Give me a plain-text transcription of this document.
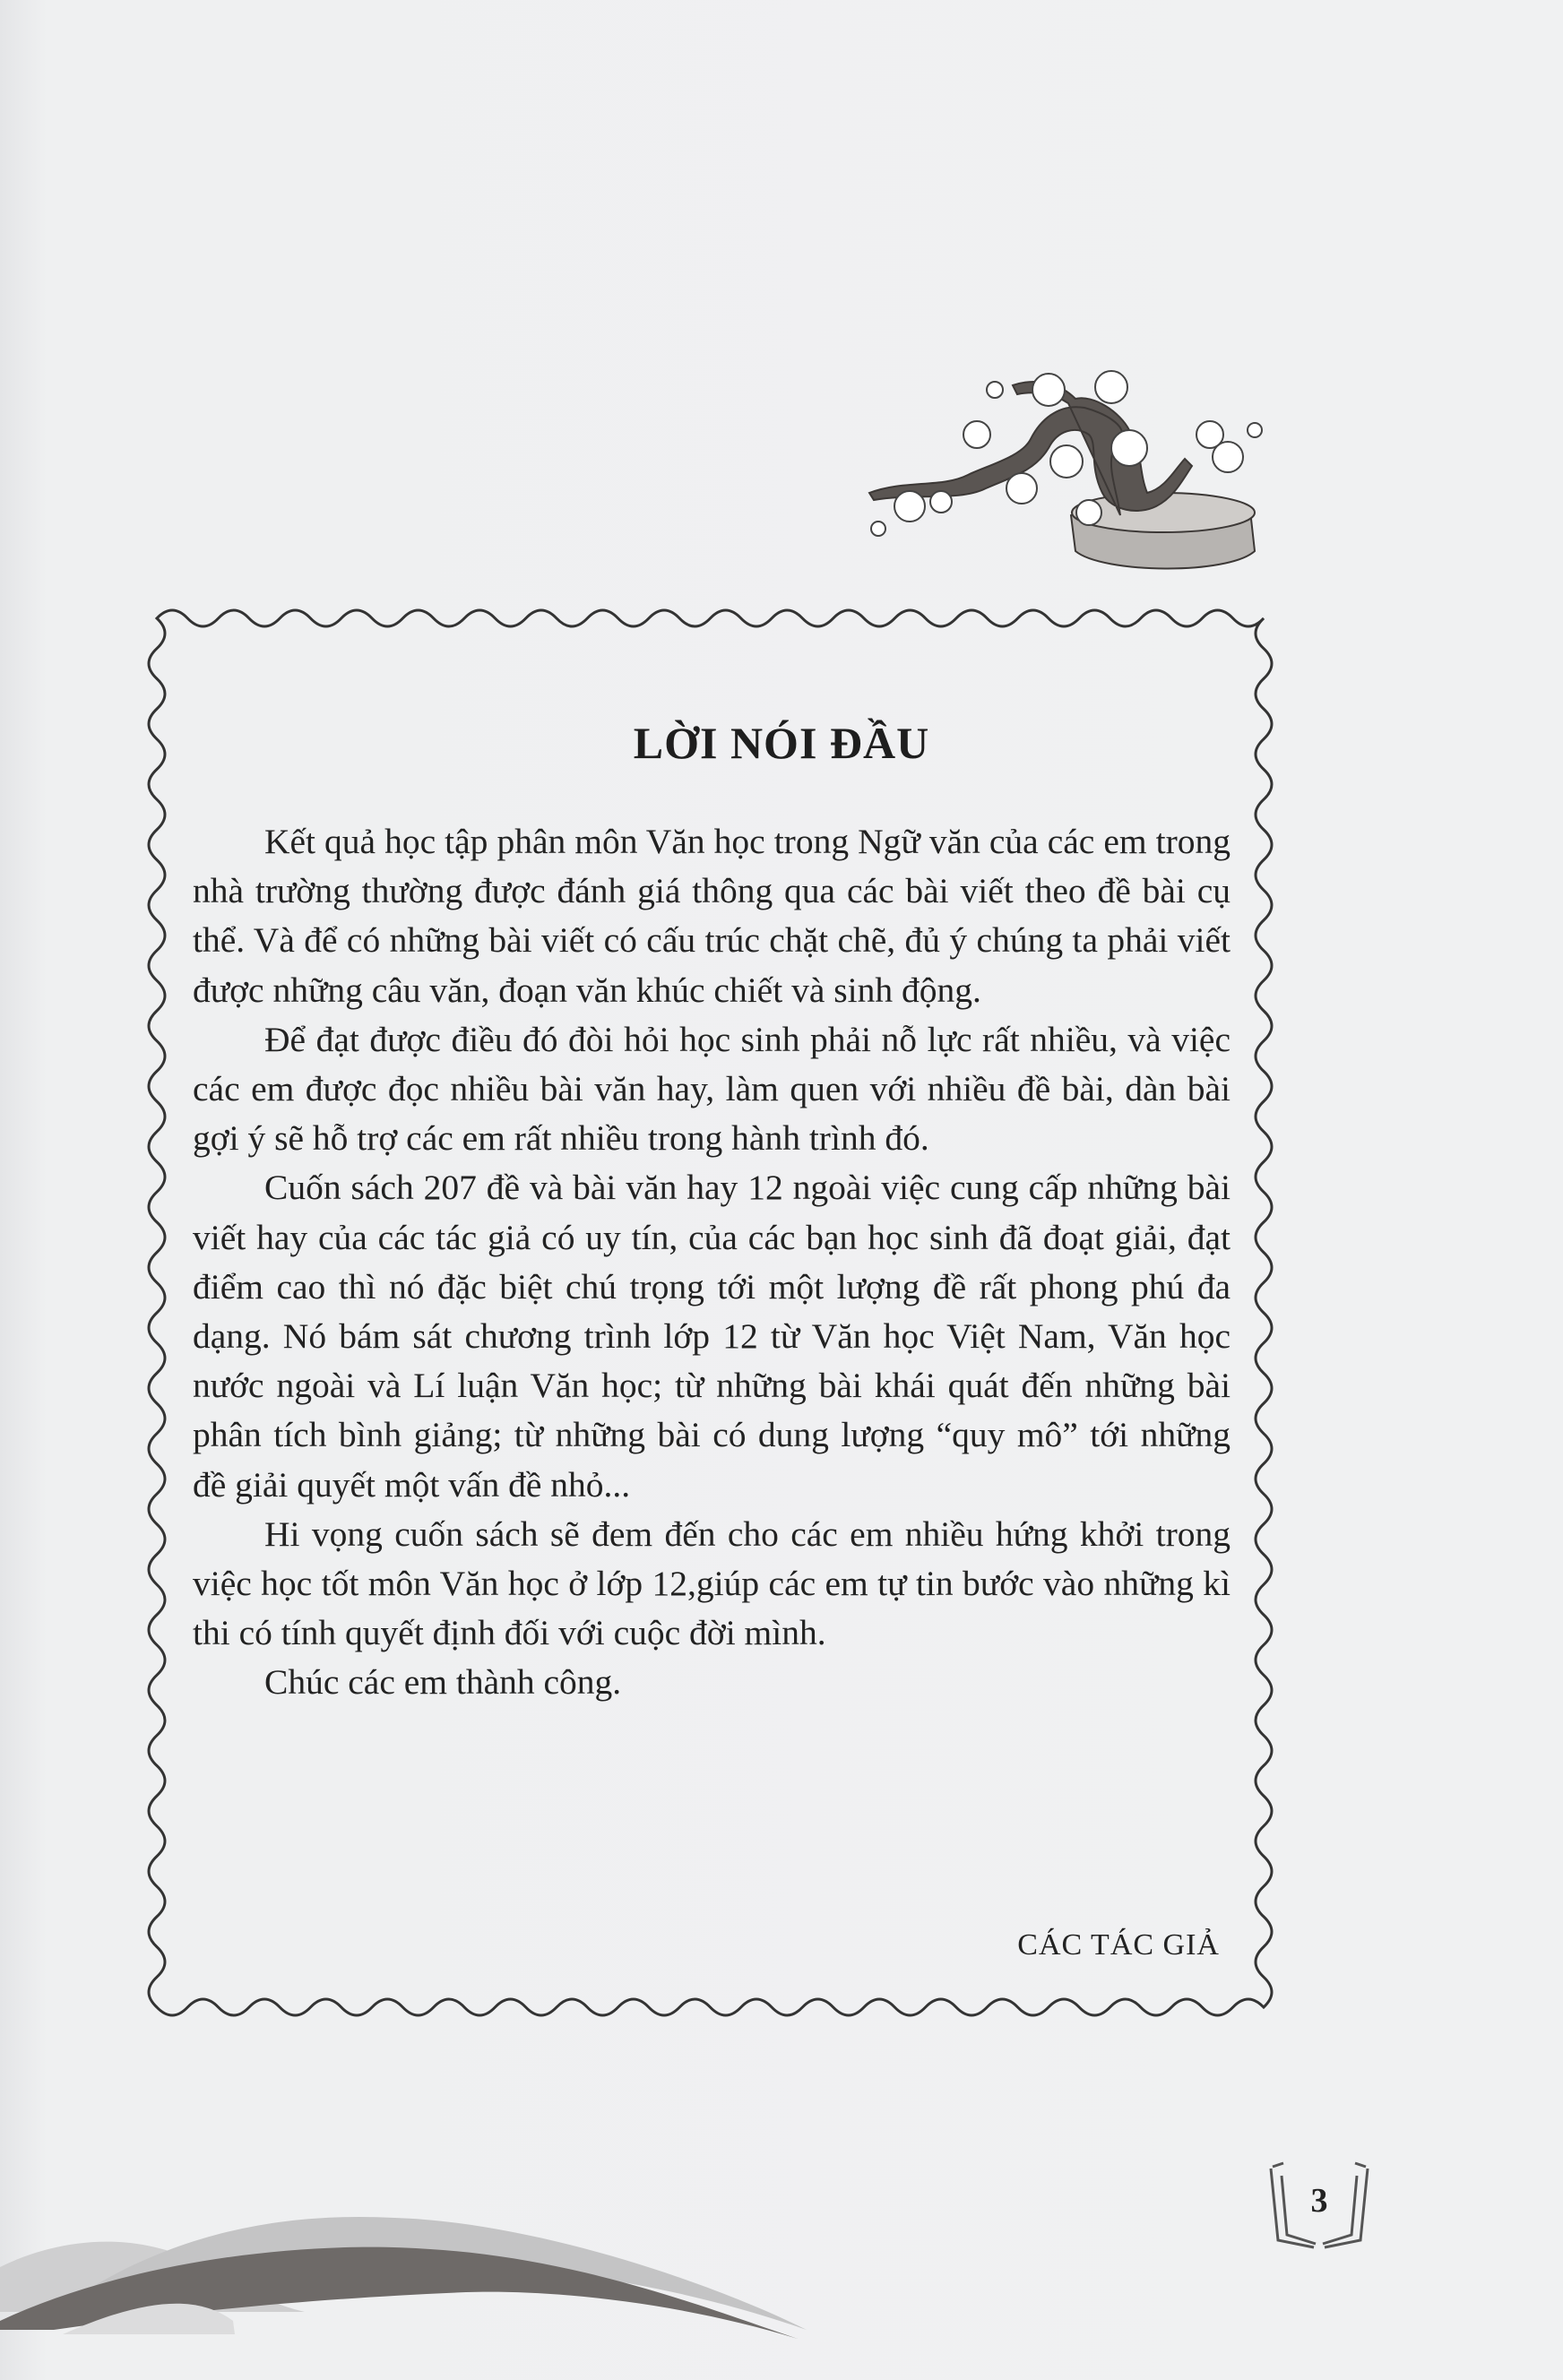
LỜI NÓI ĐẦU

Kết quả học tập phân môn Văn học trong Ngữ văn của các em trong nhà trường thường được đánh giá thông qua các bài viết theo đề bài cụ thể. Và để có những bài viết có cấu trúc chặt chẽ, đủ ý chúng ta phải viết được những câu văn, đoạn văn khúc chiết và sinh động.

Để đạt được điều đó đòi hỏi học sinh phải nỗ lực rất nhiều, và việc các em được đọc nhiều bài văn hay, làm quen với nhiều đề bài, dàn bài gợi ý sẽ hỗ trợ các em rất nhiều trong hành trình đó.

Cuốn sách 207 đề và bài văn hay 12 ngoài việc cung cấp những bài viết hay của các tác giả có uy tín, của các bạn học sinh đã đoạt giải, đạt điểm cao thì nó đặc biệt chú trọng tới một lượng đề rất phong phú đa dạng. Nó bám sát chương trình lớp 12 từ Văn học Việt Nam, Văn học nước ngoài và Lí luận Văn học; từ những bài khái quát đến những bài phân tích bình giảng; từ những bài có dung lượng “quy mô” tới những đề giải quyết một vấn đề nhỏ...

Hi vọng cuốn sách sẽ đem đến cho các em nhiều hứng khởi trong việc học tốt môn Văn học ở lớp 12,giúp các em tự tin bước vào những kì thi có tính quyết định đối với cuộc đời mình.

Chúc các em thành công.

CÁC TÁC GIẢ
3
